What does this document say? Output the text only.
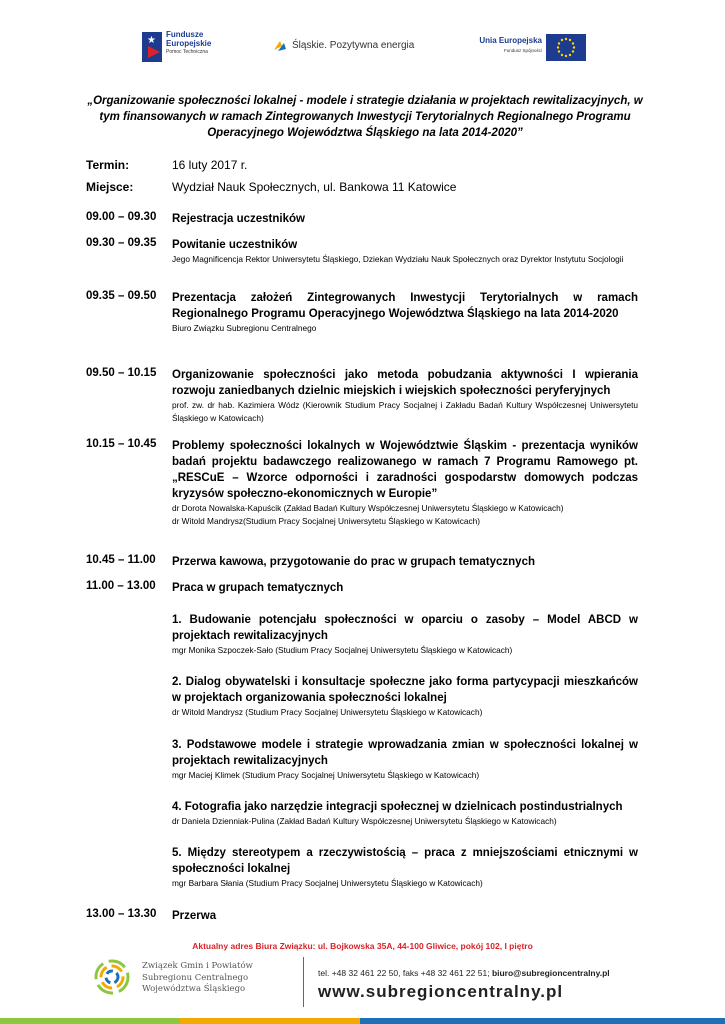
★
Fundusze
Europejskie
Pomoc Techniczna
Śląskie. Pozytywna energia	Unia Europejska
Fundusz Spójności
„Organizowanie społeczności lokalnej - modele i strategie działania w projektach rewitalizacyjnych, w tym finansowanych w ramach Zintegrowanych Inwestycji Terytorialnych Regionalnego Programu Operacyjnego Województwa Śląskiego na lata 2014-2020”
Termin:	16 luty 2017 r.
Miejsce:	Wydział Nauk Społecznych, ul. Bankowa 11 Katowice
09.00 – 09.30	Rejestracja uczestników
09.30 – 09.35	Powitanie uczestników
Jego Magnificencja Rektor Uniwersytetu Śląskiego, Dziekan Wydziału Nauk Społecznych oraz Dyrektor Instytutu Socjologii
09.35 – 09.50	Prezentacja założeń Zintegrowanych Inwestycji Terytorialnych w ramach Regionalnego Programu Operacyjnego Województwa Śląskiego na lata 2014-2020
Biuro Związku Subregionu Centralnego
09.50 – 10.15	Organizowanie społeczności jako metoda pobudzania aktywności I wpierania rozwoju zaniedbanych dzielnic miejskich i wiejskich społeczności peryferyjnych
prof. zw. dr hab. Kazimiera Wódz (Kierownik Studium Pracy Socjalnej i Zakładu Badań Kultury Współczesnej Uniwersytetu Śląskiego w Katowicach)
10.15 – 10.45	Problemy społeczności lokalnych w Województwie Śląskim - prezentacja wyników badań projektu badawczego realizowanego w ramach 7 Programu Ramowego pt. „RESCuE – Wzorce odporności i zaradności gospodarstw domowych podczas kryzysów społeczno-ekonomicznych w Europie”
dr Dorota Nowalska-Kapuścik (Zakład Badań Kultury Współczesnej Uniwersytetu Śląskiego w Katowicach)
dr Witold Mandrysz(Studium Pracy Socjalnej Uniwersytetu Śląskiego w Katowicach)
10.45 – 11.00	Przerwa kawowa, przygotowanie do prac w grupach tematycznych
11.00 – 13.00	Praca w grupach tematycznych
1. Budowanie potencjału społeczności w oparciu o zasoby – Model ABCD w projektach rewitalizacyjnych
mgr Monika Szpoczek-Sało (Studium Pracy Socjalnej Uniwersytetu Śląskiego w Katowicach)
2. Dialog obywatelski i konsultacje społeczne jako forma partycypacji mieszkańców w projektach organizowania społeczności lokalnej
dr Witold Mandrysz (Studium Pracy Socjalnej Uniwersytetu Śląskiego w Katowicach)
3. Podstawowe modele i strategie wprowadzania zmian w społeczności lokalnej w projektach rewitalizacyjnych
mgr Maciej Klimek (Studium Pracy Socjalnej Uniwersytetu Śląskiego w Katowicach)
4. Fotografia jako narzędzie integracji społecznej w dzielnicach postindustrialnych
dr Daniela Dzienniak-Pulina (Zakład Badań Kultury Współczesnej Uniwersytetu Śląskiego w Katowicach)
5. Między stereotypem a rzeczywistością – praca z mniejszościami etnicznymi w społeczności lokalnej
mgr Barbara Słania (Studium Pracy Socjalnej Uniwersytetu Śląskiego w Katowicach)
13.00 – 13.30	Przerwa
Aktualny adres Biura Związku: ul. Bojkowska 35A, 44-100 Gliwice, pokój 102, I piętro
Związek Gmin i Powiatów
Subregionu Centralnego
Województwa Śląskiego
tel. +48 32 461 22 50, faks +48 32 461 22 51; biuro@subregioncentralny.pl
www.subregioncentralny.pl
